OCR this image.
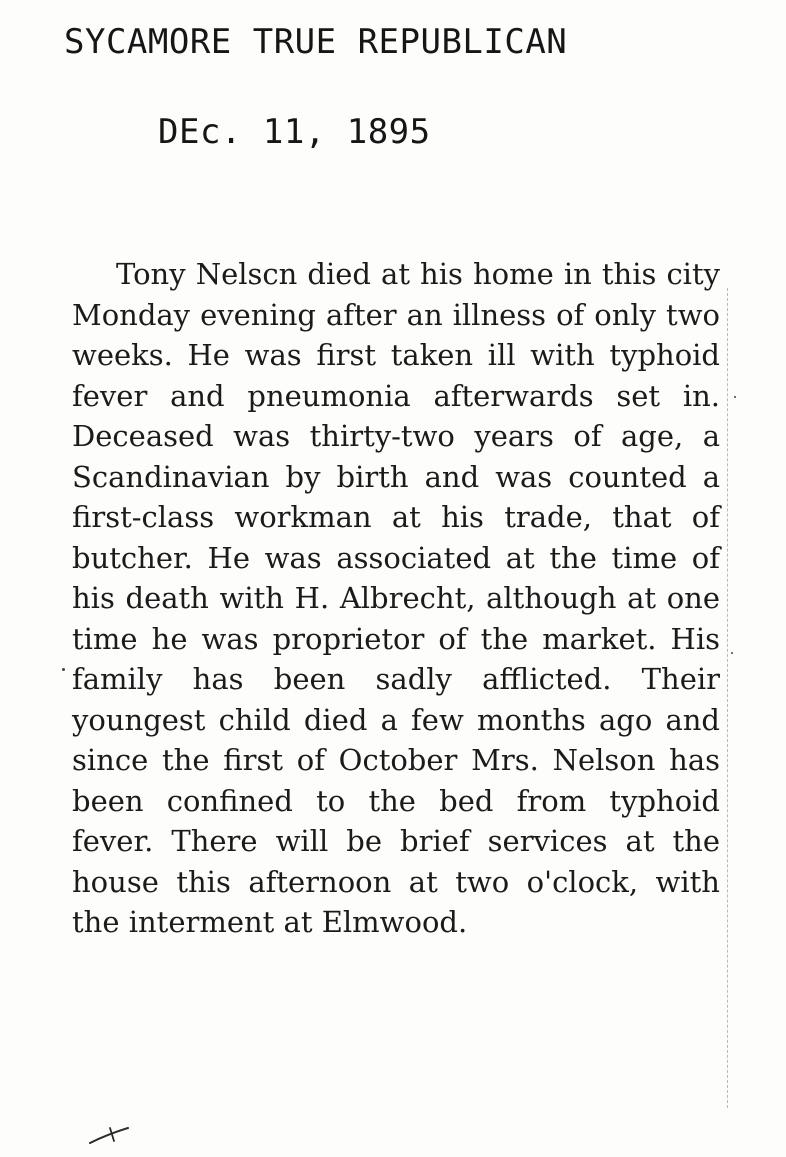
SYCAMORE TRUE REPUBLICAN
DEc. 11, 1895

Tony Nelscn died at his home in this city Monday evening after an illness of only two weeks. He was first taken ill with typhoid fever and pneumonia afterwards set in. Deceased was thirty-two years of age, a Scandinavian by birth and was counted a first-class workman at his trade, that of butcher. He was associated at the time of his death with H. Albrecht, although at one time he was proprietor of the market. His family has been sadly afflicted. Their youngest child died a few months ago and since the first of October Mrs. Nelson has been confined to the bed from typhoid fever. There will be brief services at the house this afternoon at two o'clock, with the interment at Elmwood.
